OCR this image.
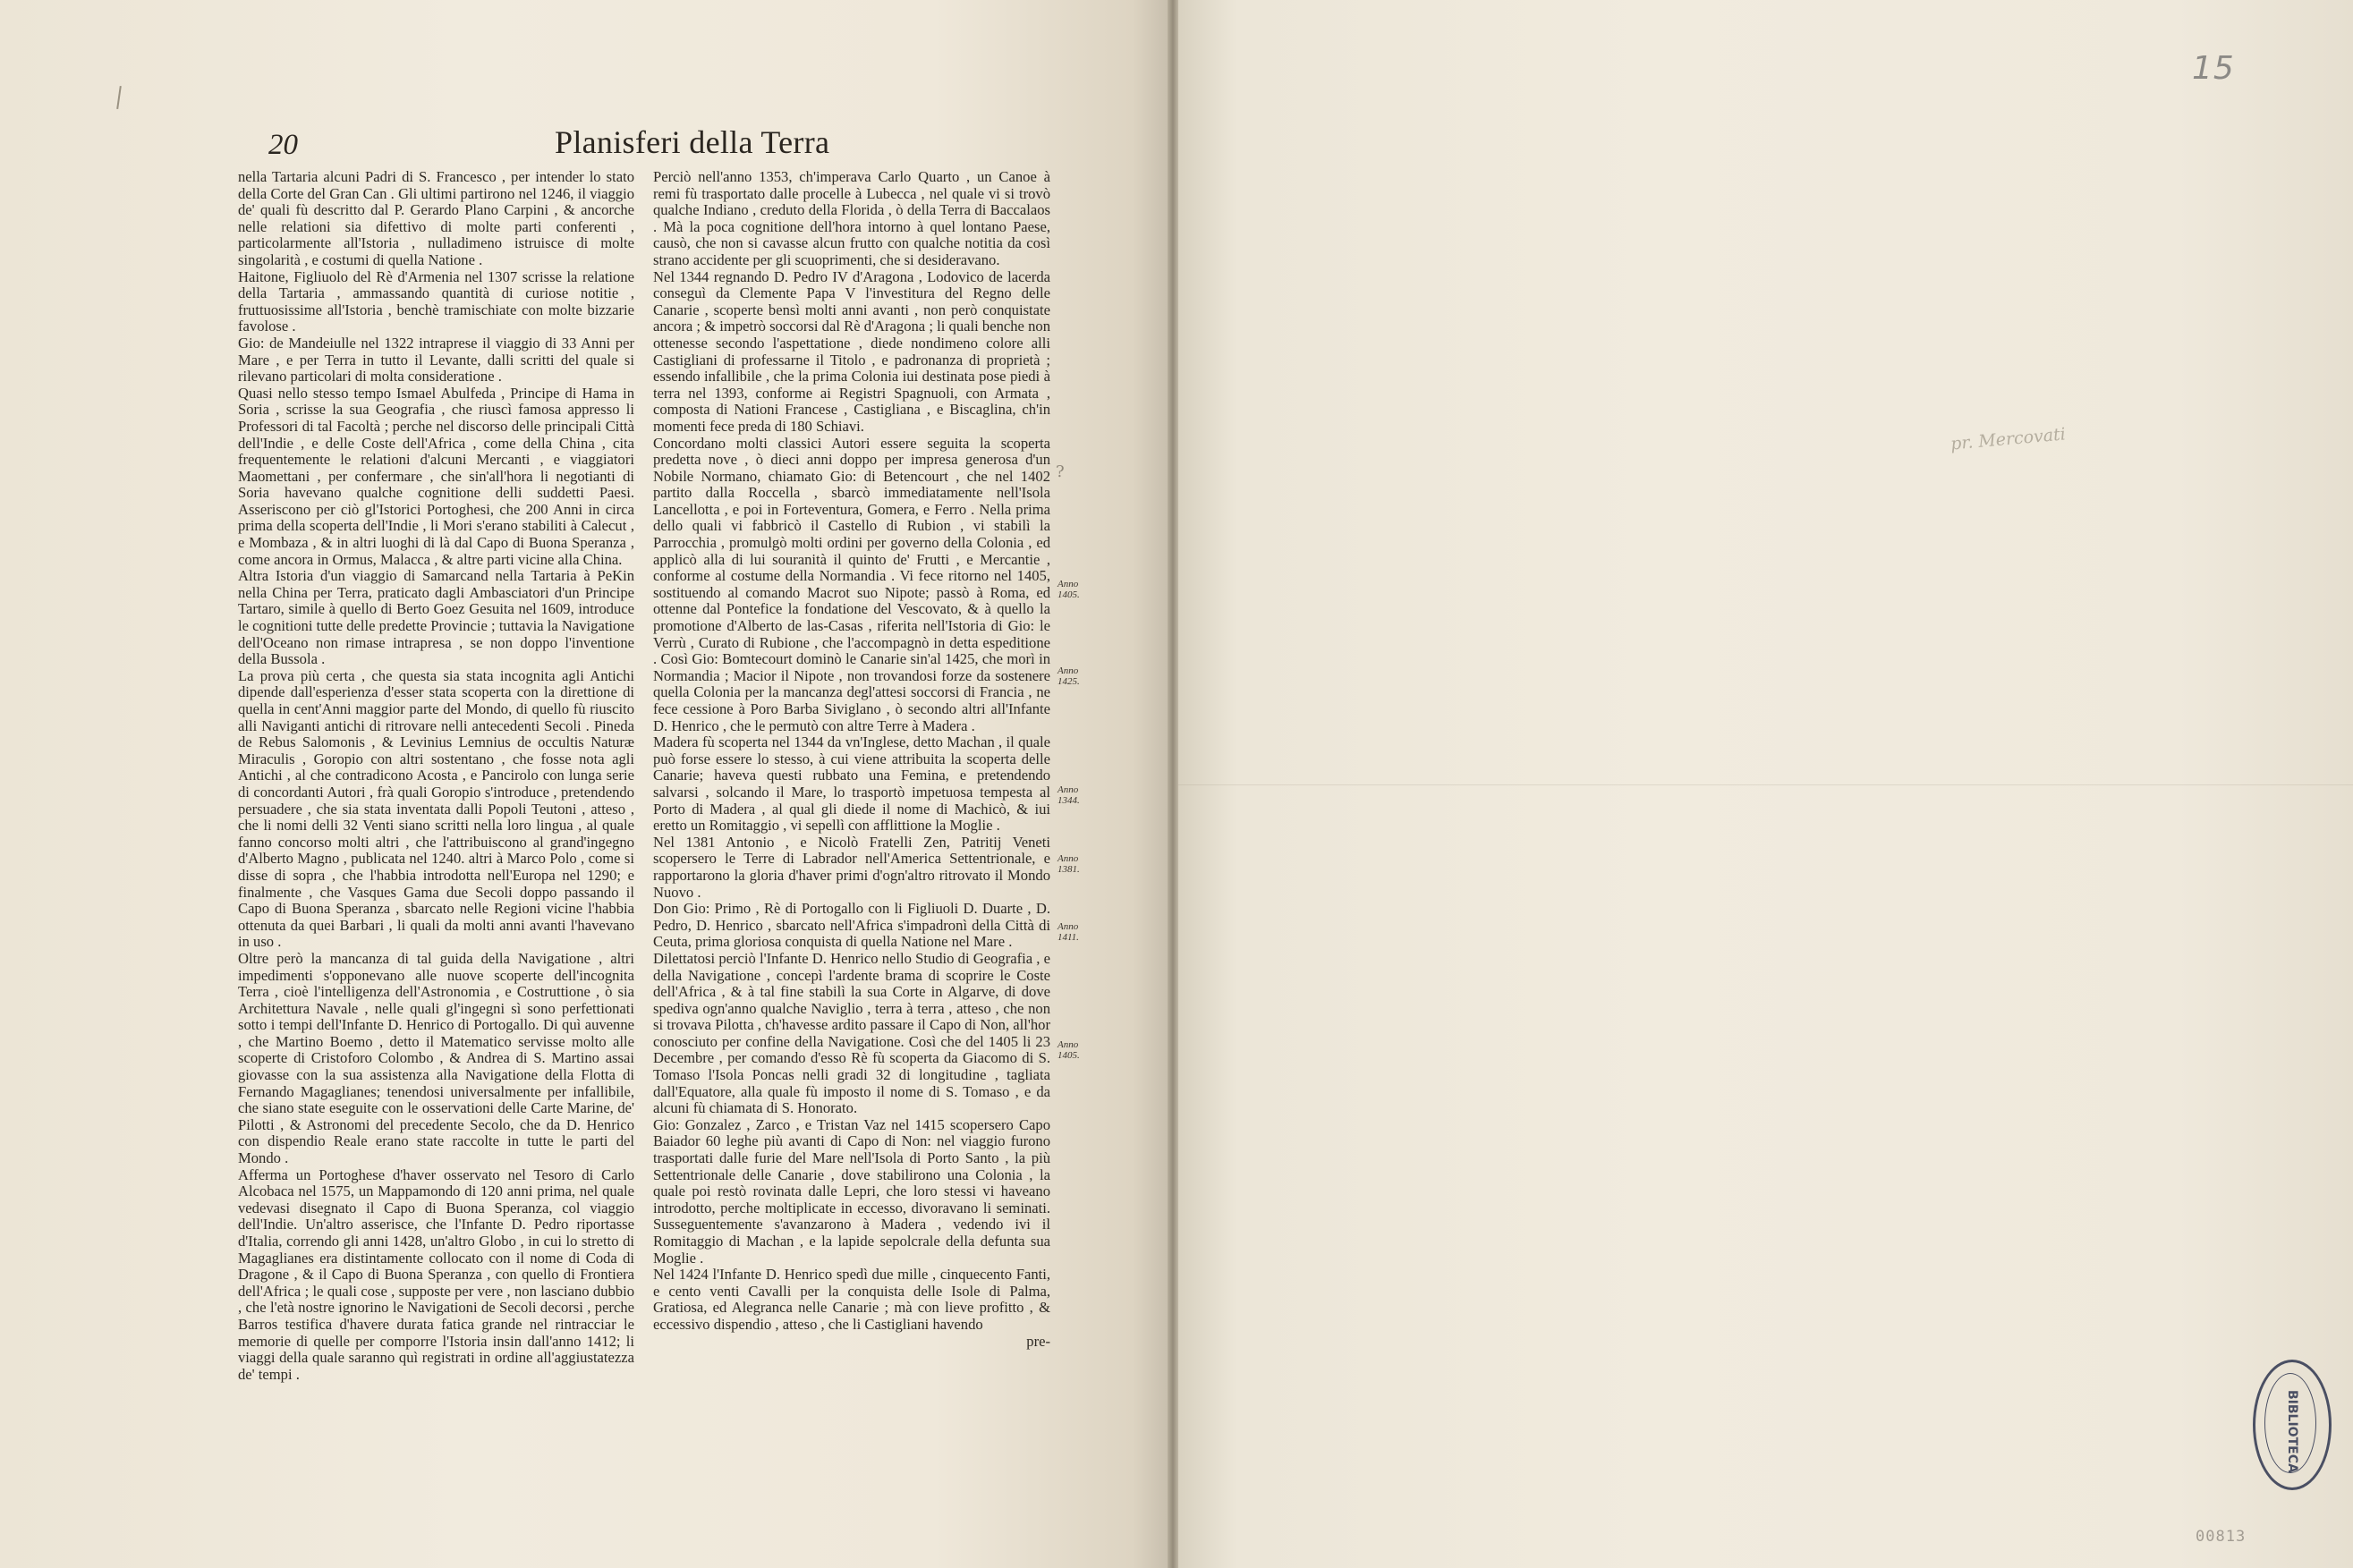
20	Planisferi della Terra

nella Tartaria alcuni Padri di S. Francesco , per intender lo stato della Corte del Gran Can . Gli ultimi partirono nel 1246, il viaggio de' quali fù descritto dal P. Gerardo Plano Carpini , & ancorche nelle relationi sia difettivo di molte parti conferenti , particolarmente all'Istoria , nulladimeno istruisce di molte singolarità , e costumi di quella Natione .

Haitone, Figliuolo del Rè d'Armenia nel 1307 scrisse la relatione della Tartaria , ammassando quantità di curiose notitie , fruttuosissime all'Istoria , benchè tramischiate con molte bizzarie favolose .

Gio: de Mandeiulle nel 1322 intraprese il viaggio di 33 Anni per Mare , e per Terra in tutto il Levante, dalli scritti del quale si rilevano particolari di molta consideratione .

Quasi nello stesso tempo Ismael Abulfeda , Principe di Hama in Soria , scrisse la sua Geografia , che riuscì famosa appresso li Professori di tal Facoltà ; perche nel discorso delle principali Città dell'Indie , e delle Coste dell'Africa , come della China , cita frequentemente le relationi d'alcuni Mercanti , e viaggiatori Maomettani , per confermare , che sin'all'hora li negotianti di Soria havevano qualche cognitione delli suddetti Paesi. Asseriscono per ciò gl'Istorici Portoghesi, che 200 Anni in circa prima della scoperta dell'Indie , li Mori s'erano stabiliti à Calecut , e Mombaza , & in altri luoghi di là dal Capo di Buona Speranza , come ancora in Ormus, Malacca , & altre parti vicine alla China.

Altra Istoria d'un viaggio di Samarcand nella Tartaria à PeKin nella China per Terra, praticato dagli Ambasciatori d'un Principe Tartaro, simile à quello di Berto Goez Gesuita nel 1609, introduce le cognitioni tutte delle predette Provincie ; tuttavia la Navigatione dell'Oceano non rimase intrapresa , se non doppo l'inventione della Bussola .

La prova più certa , che questa sia stata incognita agli Antichi dipende dall'esperienza d'esser stata scoperta con la direttione di quella in cent'Anni maggior parte del Mondo, di quello fù riuscito alli Naviganti antichi di ritrovare nelli antecedenti Secoli . Pineda de Rebus Salomonis , & Levinius Lemnius de occultis Naturæ Miraculis , Goropio con altri sostentano , che fosse nota agli Antichi , al che contradicono Acosta , e Pancirolo con lunga serie di concordanti Autori , frà quali Goropio s'introduce , pretendendo persuadere , che sia stata inventata dalli Popoli Teutoni , atteso , che li nomi delli 32 Venti siano scritti nella loro lingua , al quale fanno concorso molti altri , che l'attribuiscono al grand'ingegno d'Alberto Magno , publicata nel 1240. altri à Marco Polo , come si disse di sopra , che l'habbia introdotta nell'Europa nel 1290; e finalmente , che Vasques Gama due Secoli doppo passando il Capo di Buona Speranza , sbarcato nelle Regioni vicine l'habbia ottenuta da quei Barbari , li quali da molti anni avanti l'havevano in uso .

Oltre però la mancanza di tal guida della Navigatione , altri impedimenti s'opponevano alle nuove scoperte dell'incognita Terra , cioè l'intelligenza dell'Astronomia , e Costruttione , ò sia Architettura Navale , nelle quali gl'ingegni sì sono perfettionati sotto i tempi dell'Infante D. Henrico di Portogallo. Di quì auvenne , che Martino Boemo , detto il Matematico servisse molto alle scoperte di Cristoforo Colombo , & Andrea di S. Martino assai giovasse con la sua assistenza alla Navigatione della Flotta di Fernando Magaglianes; tenendosi universalmente per infallibile, che siano state eseguite con le osservationi delle Carte Marine, de' Pilotti , & Astronomi del precedente Secolo, che da D. Henrico con dispendio Reale erano state raccolte in tutte le parti del Mondo .

Afferma un Portoghese d'haver osservato nel Tesoro di Carlo Alcobaca nel 1575, un Mappamondo di 120 anni prima, nel quale vedevasi disegnato il Capo di Buona Speranza, col viaggio dell'Indie. Un'altro asserisce, che l'Infante D. Pedro riportasse d'Italia, correndo gli anni 1428, un'altro Globo , in cui lo stretto di Magaglianes era distintamente collocato con il nome di Coda di Dragone , & il Capo di Buona Speranza , con quello di Frontiera dell'Africa ; le quali cose , supposte per vere , non lasciano dubbio , che l'età nostre ignorino le Navigationi de Secoli decorsi , perche Barros testifica d'havere durata fatica grande nel rintracciar le memorie di quelle per comporre l'Istoria insin dall'anno 1412; li viaggi della quale saranno quì registrati in ordine all'aggiustatezza de' tempi .

Perciò nell'anno 1353, ch'imperava Carlo Quarto , un Canoe à remi fù trasportato dalle procelle à Lubecca , nel quale vi si trovò qualche Indiano , creduto della Florida , ò della Terra di Baccalaos . Mà la poca cognitione dell'hora intorno à quel lontano Paese, causò, che non si cavasse alcun frutto con qualche notitia da così strano accidente per gli scuoprimenti, che si desideravano.

Nel 1344 regnando D. Pedro IV d'Aragona , Lodovico de lacerda conseguì da Clemente Papa V l'investitura del Regno delle Canarie , scoperte bensì molti anni avanti , non però conquistate ancora ; & impetrò soccorsi dal Rè d'Aragona ; li quali benche non ottenesse secondo l'aspettatione , diede nondimeno colore alli Castigliani di professarne il Titolo , e padronanza di proprietà ; essendo infallibile , che la prima Colonia iui destinata pose piedi à terra nel 1393, conforme ai Registri Spagnuoli, con Armata , composta di Nationi Francese , Castigliana , e Biscaglina, ch'in momenti fece preda di 180 Schiavi.

Concordano molti classici Autori essere seguita la scoperta predetta nove , ò dieci anni doppo per impresa generosa d'un Nobile Normano, chiamato Gio: di Betencourt , che nel 1402 partito dalla Roccella , sbarcò immediatamente nell'Isola Lancellotta , e poi in Forteventura, Gomera, e Ferro . Nella prima dello quali vi fabbricò il Castello di Rubion , vi stabilì la Parrocchia , promulgò molti ordini per governo della Colonia , ed applicò alla di lui souranità il quinto de' Frutti , e Mercantie , conforme al costume della Normandia . Vi fece ritorno nel 1405, sostituendo al comando Macrot suo Nipote; passò à Roma, ed ottenne dal Pontefice la fondatione del Vescovato, & à quello la promotione d'Alberto de las-Casas , riferita nell'Istoria di Gio: le Verrù , Curato di Rubione , che l'accompagnò in detta espeditione . Così Gio: Bomtecourt dominò le Canarie sin'al 1425, che morì in Normandia ; Macior il Nipote , non trovandosi forze da sostenere quella Colonia per la mancanza degl'attesi soccorsi di Francia , ne fece cessione à Poro Barba Siviglano , ò secondo altri all'Infante D. Henrico , che le permutò con altre Terre à Madera .

Madera fù scoperta nel 1344 da vn'Inglese, detto Machan , il quale può forse essere lo stesso, à cui viene attribuita la scoperta delle Canarie; haveva questi rubbato una Femina, e pretendendo salvarsi , solcando il Mare, lo trasportò impetuosa tempesta al Porto di Madera , al qual gli diede il nome di Machicò, & iui eretto un Romitaggio , vi sepellì con afflittione la Moglie .

Nel 1381 Antonio , e Nicolò Fratelli Zen, Patritij Veneti scopersero le Terre di Labrador nell'America Settentrionale, e rapportarono la gloria d'haver primi d'ogn'altro ritrovato il Mondo Nuovo .

Don Gio: Primo , Rè di Portogallo con li Figliuoli D. Duarte , D. Pedro, D. Henrico , sbarcato nell'Africa s'impadronì della Città di Ceuta, prima gloriosa conquista di quella Natione nel Mare .

Dilettatosi perciò l'Infante D. Henrico nello Studio di Geografia , e della Navigatione , concepì l'ardente brama di scoprire le Coste dell'Africa , & à tal fine stabilì la sua Corte in Algarve, di dove spediva ogn'anno qualche Naviglio , terra à terra , atteso , che non si trovava Pilotta , ch'havesse ardito passare il Capo di Non, all'hor conosciuto per confine della Navigatione. Così che del 1405 li 23 Decembre , per comando d'esso Rè fù scoperta da Giacomo di S. Tomaso l'Isola Poncas nelli gradi 32 di longitudine , tagliata dall'Equatore, alla quale fù imposto il nome di S. Tomaso , e da alcuni fù chiamata di S. Honorato.

Gio: Gonzalez , Zarco , e Tristan Vaz nel 1415 scopersero Capo Baiador 60 leghe più avanti di Capo di Non: nel viaggio furono trasportati dalle furie del Mare nell'Isola di Porto Santo , la più Settentrionale delle Canarie , dove stabilirono una Colonia , la quale poi restò rovinata dalle Lepri, che loro stessi vi haveano introdotto, perche moltiplicate in eccesso, divoravano li seminati. Susseguentemente s'avanzarono à Madera , vedendo ivi il Romitaggio di Machan , e la lapide sepolcrale della defunta sua Moglie .

Nel 1424 l'Infante D. Henrico spedì due mille , cinquecento Fanti, e cento venti Cavalli per la conquista delle Isole di Palma, Gratiosa, ed Alegranca nelle Canarie ; mà con lieve profitto , & eccessivo dispendio , atteso , che li Castigliani havendo

pre-

Anno
1405.
Anno
1425.
Anno
1344.
Anno
1381.
Anno
1411.
Anno
1405.
?
15
pr. Mercovati
BIBLIOTECA
00813
